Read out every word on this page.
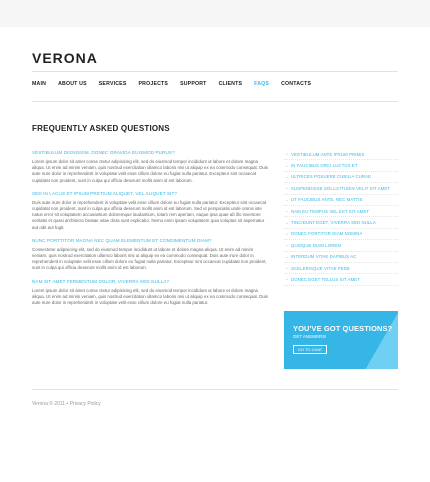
VERONA
MAIN ABOUT US SERVICES PROJECTS SUPPORT CLIENTS FAQS CONTACTS
FREQUENTLY ASKED QUESTIONS
VESTIBULUM DIGNISSIM, DONEC GRAVIDA EUISMOD PURUS?
Lorem ipsum dolor sit amet conse ctetur adipisicing elit, sed do eiusmod tempor incididunt ut labore et dolore magna aliqua. Ut enim ad minim veniam, quis nostrud exercitation ullamco laboris nisi ut aliquip ex ea commodo consequat. Duis aute irure dolor in reprehenderit in voluptate velit esse cillum dolore eu fugiat nulla pariatur. Excepteur sint occaecat cupidatat non proident, sunt in culpa qui officia deserunt mollit anim id est laborum.
SED IN LACUS ET IPSUM PRETIUM ALIQUET, VEL ALIQUET SIT?
Duis aute irure dolor in reprehenderit in voluptate velit esse cillum dolore eu fugiat nulla pariatur. Excepteur sint occaecat cupidatat non proident, sunt in culpa qui officia deserunt mollit anim id est laborum. Sed ut perspiciatis unde omnis iste natus error sit voluptatem accusantium doloremque laudantium, totam rem aperiam, eaque ipsa quae ab illo inventore veritatis et quasi architecto beatae vitae dicta sunt explicabo. Nemo enim ipsam voluptatem quia voluptas sit aspernatur aut odit aut fugit.
NUNC PORTTITOR MAGNA NEC QUAM ELEMENTUM ET CONDIMENTUM DIAM?
Consectetur adipisicing elit, sed do eiusmod tempor incididunt ut labore et dolore magna aliqua. Ut enim ad minim veniam, quis nostrud exercitation ullamco laboris nisi ut aliquip ex ea commodo consequat. Duis aute irure dolor in reprehenderit in voluptate velit esse cillum dolore eu fugiat nulla pariatur. Excepteur sint occaecat cupidatat non proident, sunt in culpa qui officia deserunt mollit anim id est laborum.
NAM SIT AMET FERMENTUM DOLOR, VIVERRA SED NULLA?
Lorem ipsum dolor sit amet conse ctetur adipisicing elit, sed do eiusmod tempor incididunt ut labore et dolore magna aliqua. Ut enim ad minim veniam, quis nostrud exercitation ullamco laboris nisi ut aliquip ex ea commodo consequat. Duis aute irure dolor in reprehenderit in voluptate velit esse cillum dolore eu fugiat nulla pariatur.
→ VESTIBULUM ANTE IPSUM PRIMIS
→ IN FAUCIBUS ORCI LUCTUS ET
→ ULTRICES POSUERE CUBILIA CURAE
→ SUSPENDISSE SOLLICITUDIN VELIT SIT AMET
→ UT FAUCIBUS ANTE, NEC MATTIS
→ NAM EU TEMPUS VEL EST SIT AMET
→ TINCIDUNT EGET, VIVERRA SED NULLA
→ DONEC FORTITOR DIAM NOMINA
→ QUISQUE DIAM LOREM
→ INTERDUM VITAE DAPIBUS AC
→ SCELERISQUE VITAE PEDE
→ DONEC EGET TELLUS SIT AMET
YOU'VE GOT QUESTIONS?
GET ANSWERS!
GO TO CHAT
Verona © 2011 • Privacy Policy
